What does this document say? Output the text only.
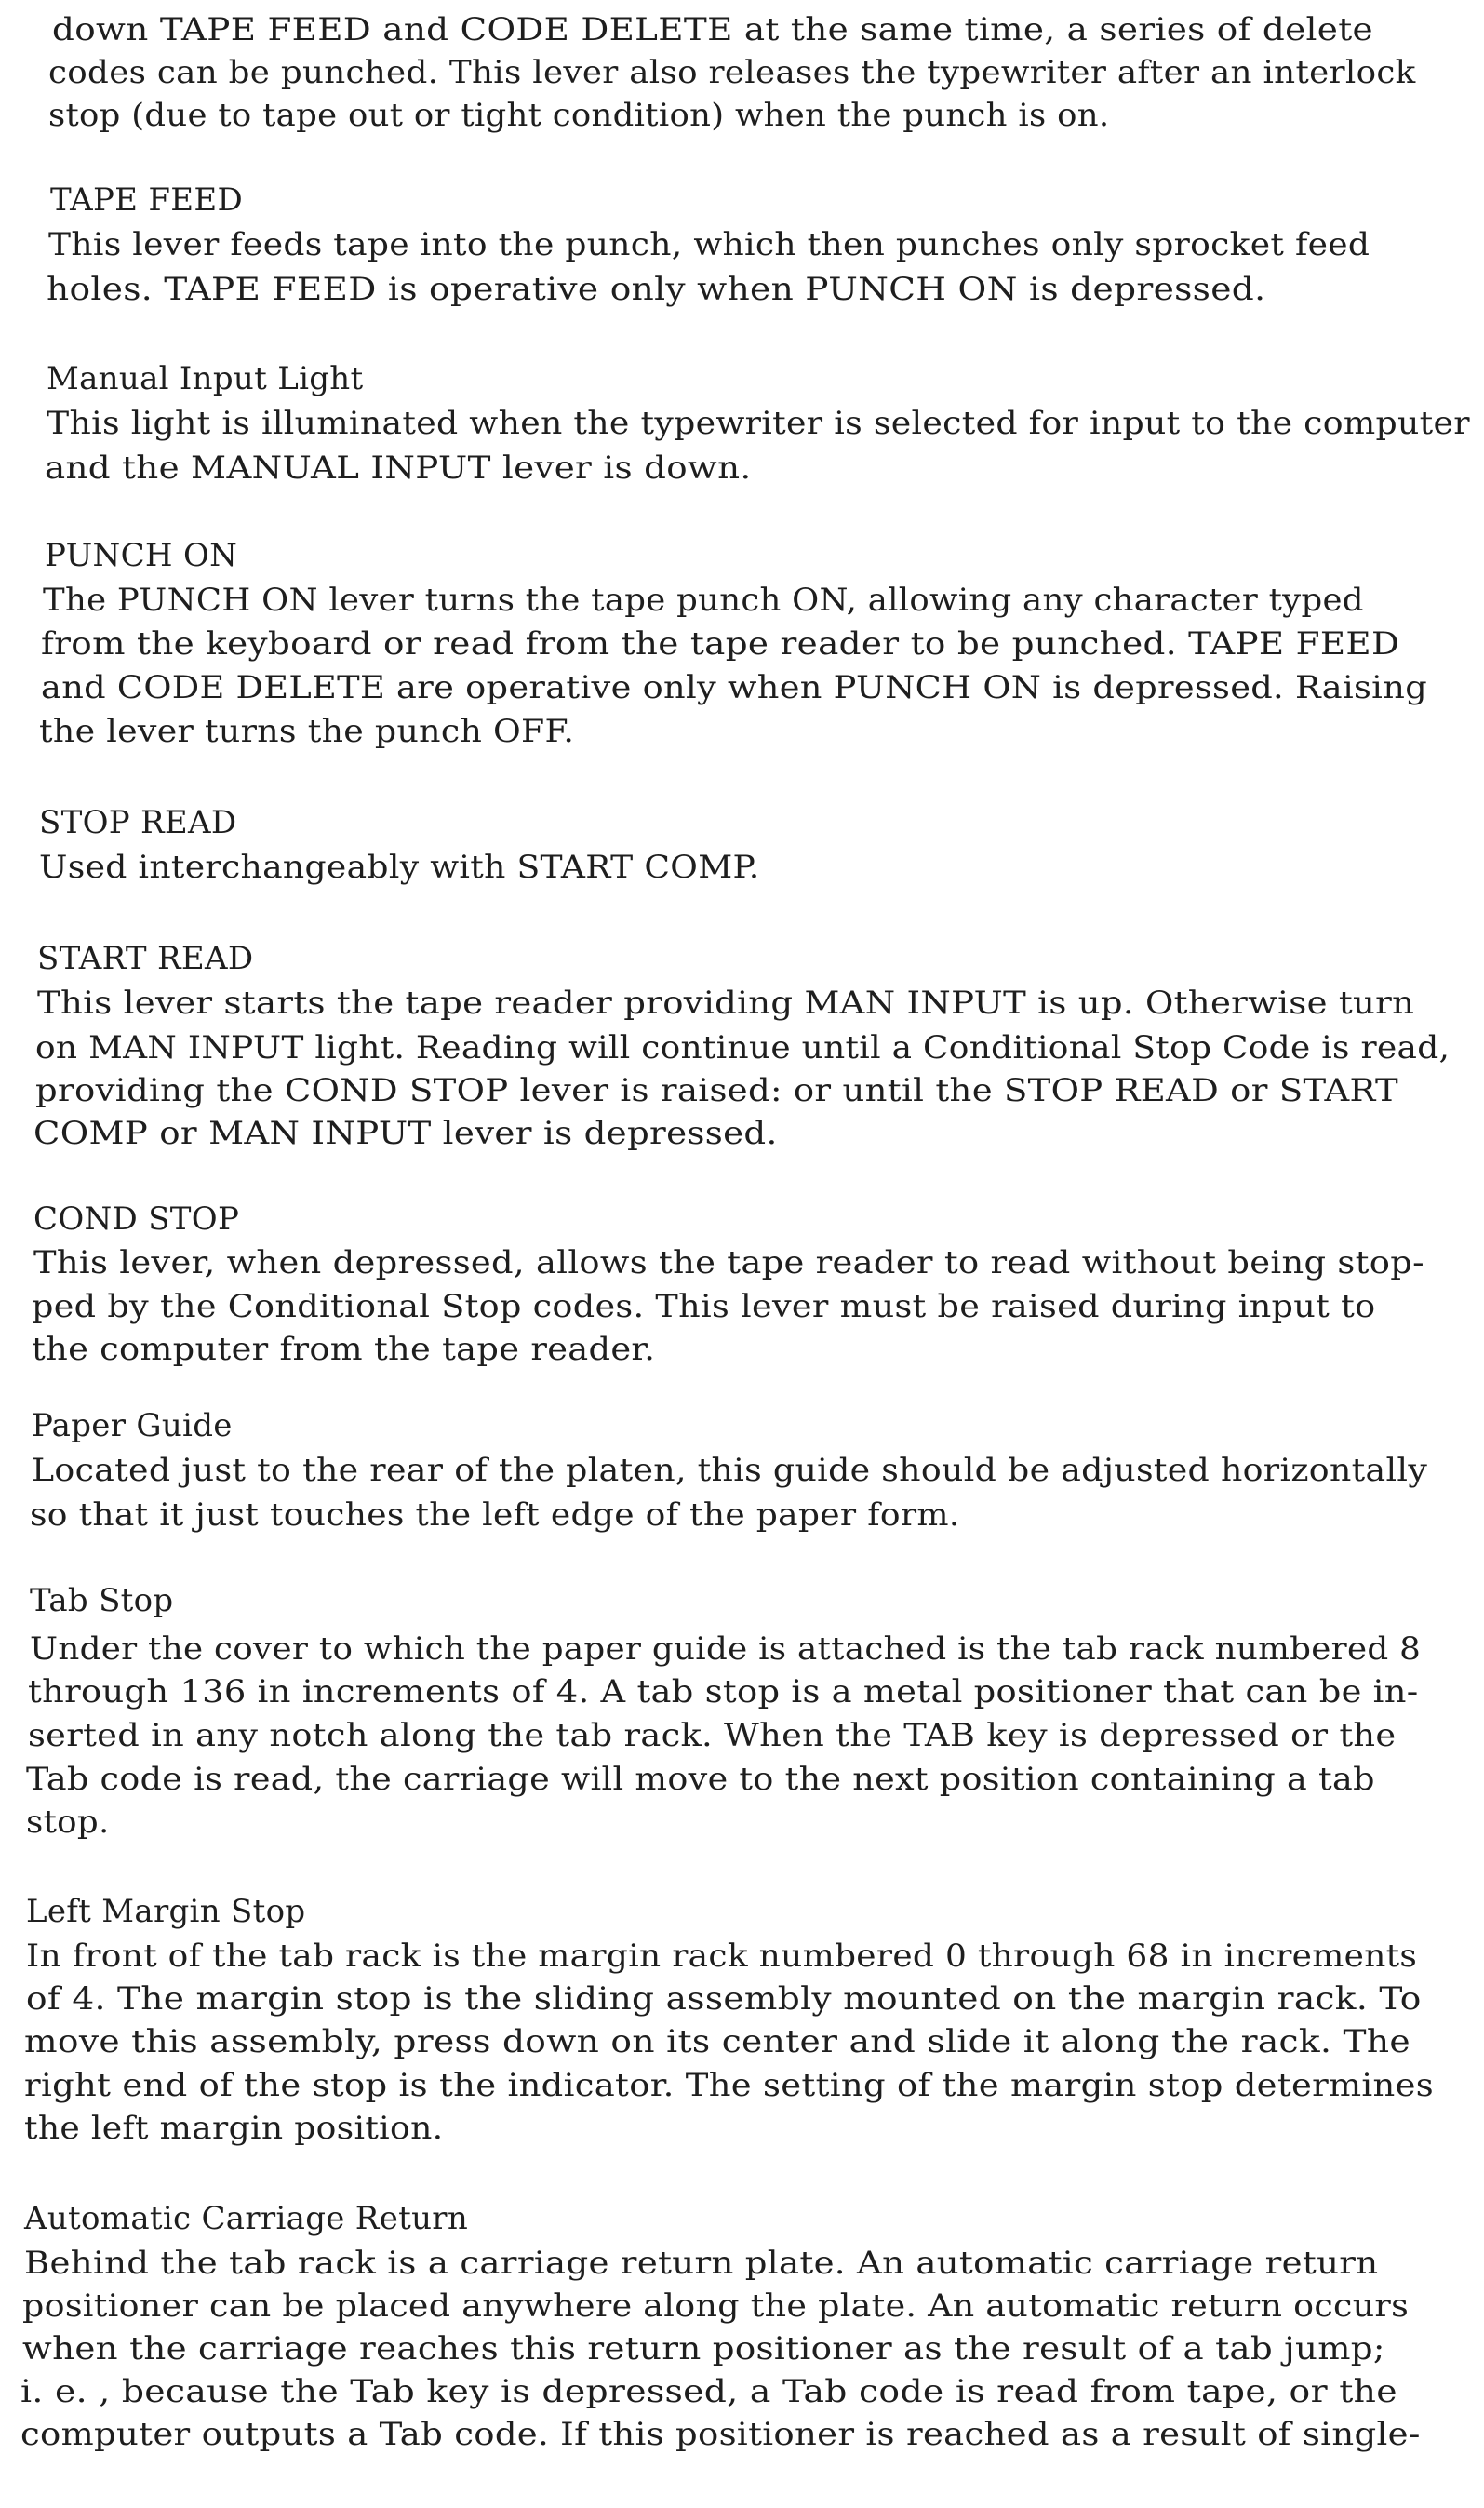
down TAPE FEED and CODE DELETE at the same time, a series of delete
codes can be punched. This lever also releases the typewriter after an interlock
stop (due to tape out or tight condition) when the punch is on.
TAPE FEED
This lever feeds tape into the punch, which then punches only sprocket feed
holes. TAPE FEED is operative only when PUNCH ON is depressed.
Manual Input Light
This light is illuminated when the typewriter is selected for input to the computer
and the MANUAL INPUT lever is down.
PUNCH ON
The PUNCH ON lever turns the tape punch ON, allowing any character typed
from the keyboard or read from the tape reader to be punched. TAPE FEED
and CODE DELETE are operative only when PUNCH ON is depressed. Raising
the lever turns the punch OFF.
STOP READ
Used interchangeably with START COMP.
START READ
This lever starts the tape reader providing MAN INPUT is up. Otherwise turn
on MAN INPUT light. Reading will continue until a Conditional Stop Code is read,
providing the COND STOP lever is raised: or until the STOP READ or START
COMP or MAN INPUT lever is depressed.
COND STOP
This lever, when depressed, allows the tape reader to read without being stop-
ped by the Conditional Stop codes. This lever must be raised during input to
the computer from the tape reader.
Paper Guide
Located just to the rear of the platen, this guide should be adjusted horizontally
so that it just touches the left edge of the paper form.
Tab Stop
Under the cover to which the paper guide is attached is the tab rack numbered 8
through 136 in increments of 4. A tab stop is a metal positioner that can be in-
serted in any notch along the tab rack. When the TAB key is depressed or the
Tab code is read, the carriage will move to the next position containing a tab
stop.
Left Margin Stop
In front of the tab rack is the margin rack numbered 0 through 68 in increments
of 4. The margin stop is the sliding assembly mounted on the margin rack. To
move this assembly, press down on its center and slide it along the rack. The
right end of the stop is the indicator. The setting of the margin stop determines
the left margin position.
Automatic Carriage Return
Behind the tab rack is a carriage return plate. An automatic carriage return
positioner can be placed anywhere along the plate. An automatic return occurs
when the carriage reaches this return positioner as the result of a tab jump;
i. e. , because the Tab key is depressed, a Tab code is read from tape, or the
computer outputs a Tab code. If this positioner is reached as a result of single-
